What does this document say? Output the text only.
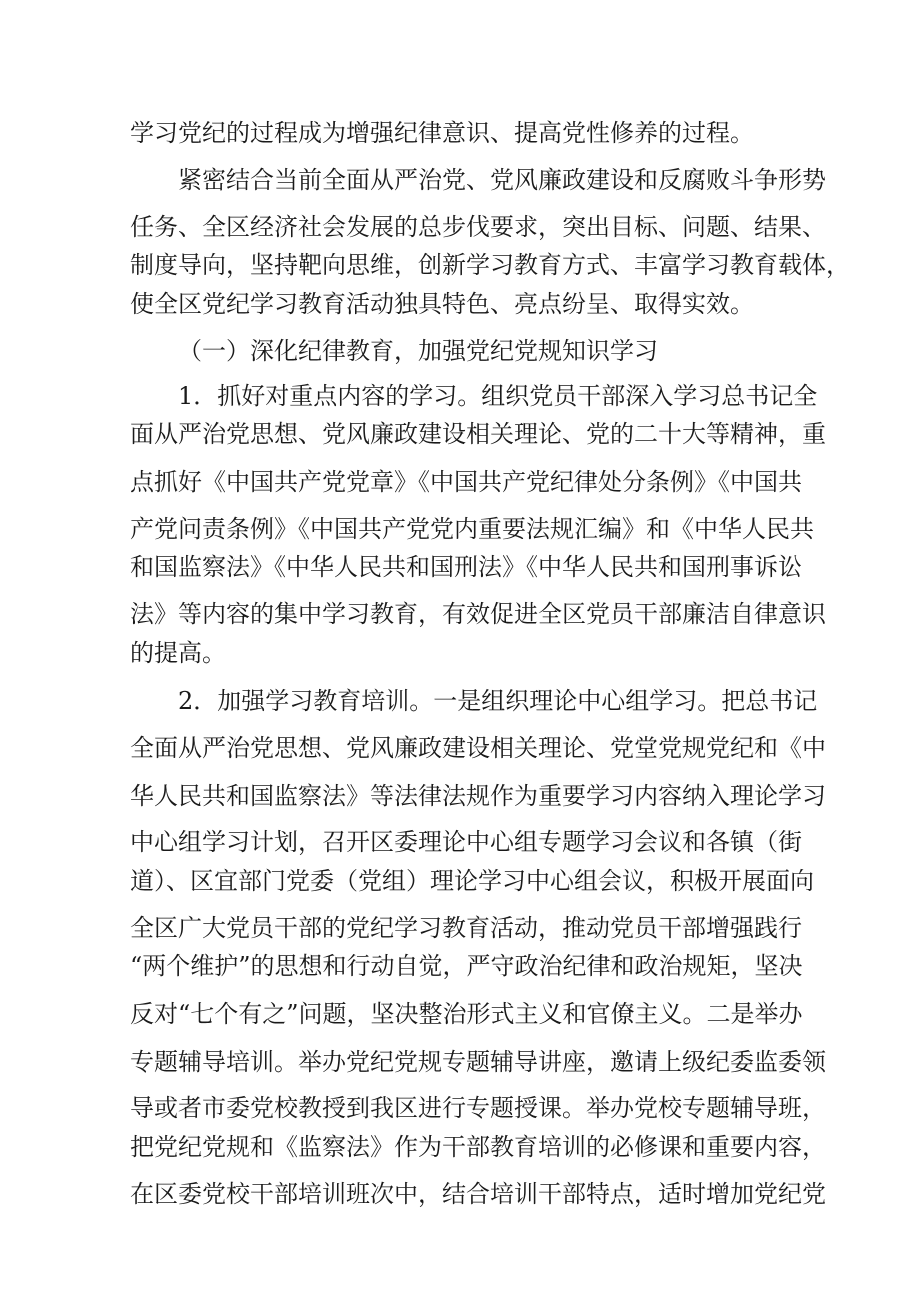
学习党纪的过程成为增强纪律意识、提高党性修养的过程。
紧密结合当前全面从严治党、党风廉政建设和反腐败斗争形势
任务、全区经济社会发展的总步伐要求，突出目标、问题、结果、
制度导向，坚持靶向思维，创新学习教育方式、丰富学习教育载体，
使全区党纪学习教育活动独具特色、亮点纷呈、取得实效。
（一）深化纪律教育，加强党纪党规知识学习
1．抓好对重点内容的学习。组织党员干部深入学习总书记全
面从严治党思想、党风廉政建设相关理论、党的二十大等精神，重
点抓好《中国共产党党章》《中国共产党纪律处分条例》《中国共
产党问责条例》《中国共产党党内重要法规汇编》和《中华人民共
和国监察法》《中华人民共和国刑法》《中华人民共和国刑事诉讼
法》等内容的集中学习教育，有效促进全区党员干部廉洁自律意识
的提高。
2．加强学习教育培训。一是组织理论中心组学习。把总书记
全面从严治党思想、党风廉政建设相关理论、党堂党规党纪和《中
华人民共和国监察法》等法律法规作为重要学习内容纳入理论学习
中心组学习计划，召开区委理论中心组专题学习会议和各镇（街
道）、区宜部门党委（党组）理论学习中心组会议，积极开展面向
全区广大党员干部的党纪学习教育活动，推动党员干部增强践行
“两个维护”的思想和行动自觉，严守政治纪律和政治规矩，坚决
反对“七个有之”问题，坚决整治形式主义和官僚主义。二是举办
专题辅导培训。举办党纪党规专题辅导讲座，邀请上级纪委监委领
导或者市委党校教授到我区进行专题授课。举办党校专题辅导班，
把党纪党规和《监察法》作为干部教育培训的必修课和重要内容，
在区委党校干部培训班次中，结合培训干部特点，适时增加党纪党
